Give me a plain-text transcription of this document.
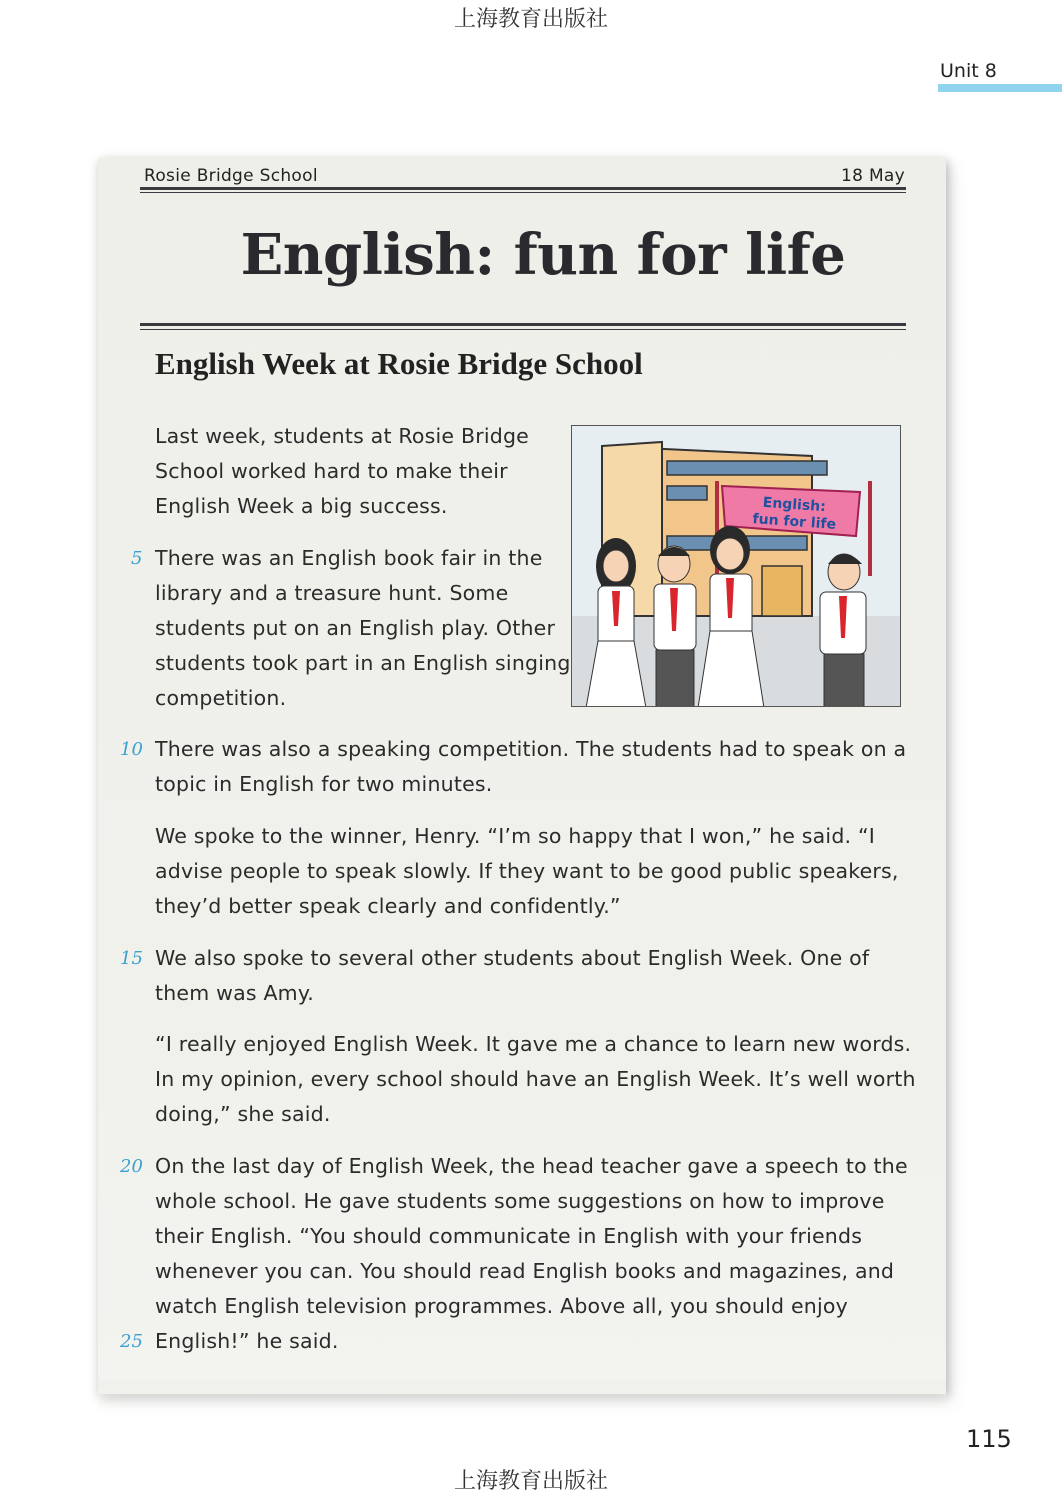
上海教育出版社
Unit 8
Rosie Bridge School	18 May
English: fun for life
English Week at Rosie Bridge School
Last week, students at Rosie Bridge
School worked hard to make their
English Week a big success.
5 There was an English book fair in the
library and a treasure hunt. Some
students put on an English play. Other
students took part in an English singing
competition.
English:
fun for life
10 There was also a speaking competition. The students had to speak on a
topic in English for two minutes.
We spoke to the winner, Henry. “I’m so happy that I won,” he said. “I
advise people to speak slowly. If they want to be good public speakers,
they’d better speak clearly and confidently.”
15 We also spoke to several other students about English Week. One of
them was Amy.
“I really enjoyed English Week. It gave me a chance to learn new words.
In my opinion, every school should have an English Week. It’s well worth
doing,” she said.
20 On the last day of English Week, the head teacher gave a speech to the
whole school. He gave students some suggestions on how to improve
their English. “You should communicate in English with your friends
whenever you can. You should read English books and magazines, and
watch English television programmes. Above all, you should enjoy
English!” he said.
25
115
上海教育出版社
